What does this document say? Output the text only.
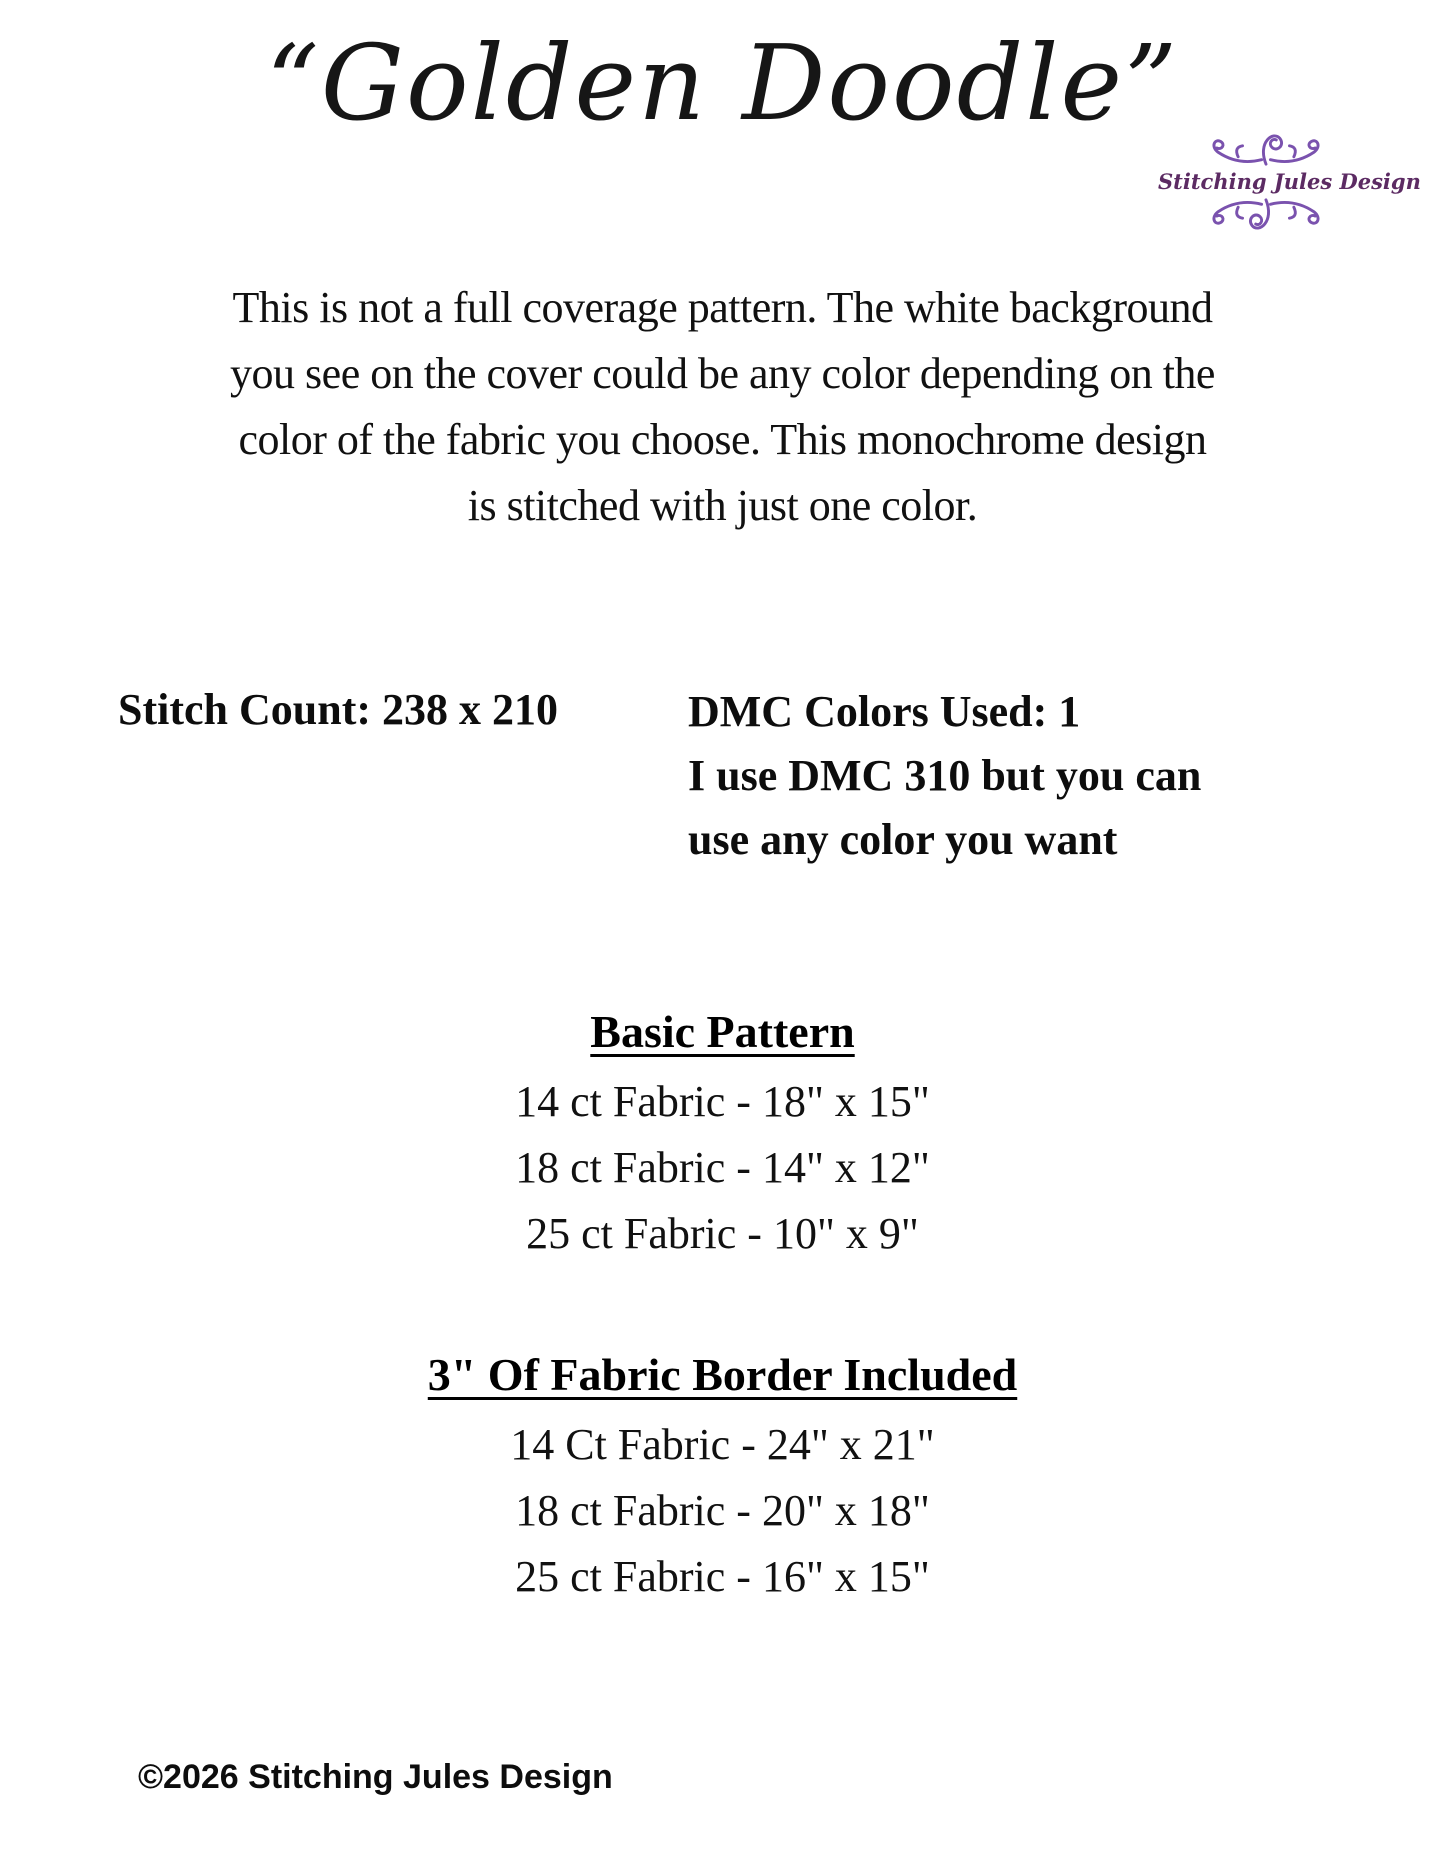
“Golden Doodle”
Stitching Jules Design
This is not a full coverage pattern. The white background
you see on the cover could be any color depending on the
color of the fabric you choose. This monochrome design
is stitched with just one color.
Stitch Count: 238 x 210	DMC Colors Used: 1
I use DMC 310 but you can
use any color you want
Basic Pattern
14 ct Fabric - 18" x 15"
18 ct Fabric - 14" x 12"
25 ct Fabric - 10" x 9"
3" Of Fabric Border Included
14 Ct Fabric - 24" x 21"
18 ct Fabric - 20" x 18"
25 ct Fabric - 16" x 15"
©2026 Stitching Jules Design
